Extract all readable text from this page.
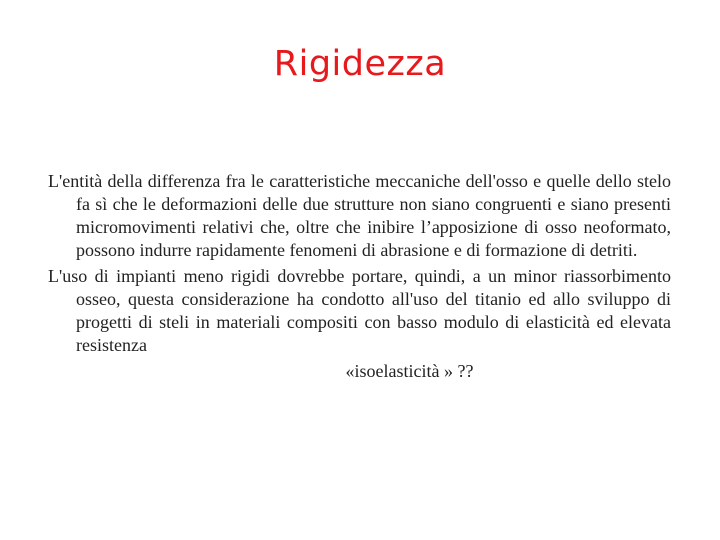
Rigidezza

L'entità della differenza fra le caratteristiche meccaniche dell'osso e quelle dello stelo fa sì che le deformazioni delle due strutture non siano congruenti e siano presenti micromovimenti relativi che, oltre che inibire l’apposizione di osso neoformato, possono indurre rapidamente fenomeni di abrasione e di formazione di detriti.

L'uso di impianti meno rigidi dovrebbe portare, quindi, a un minor riassorbimento osseo, questa considerazione ha condotto all'uso del titanio ed allo sviluppo di progetti di steli in materiali compositi con basso modulo di elasticità ed elevata resistenza

«isoelasticità » ??
